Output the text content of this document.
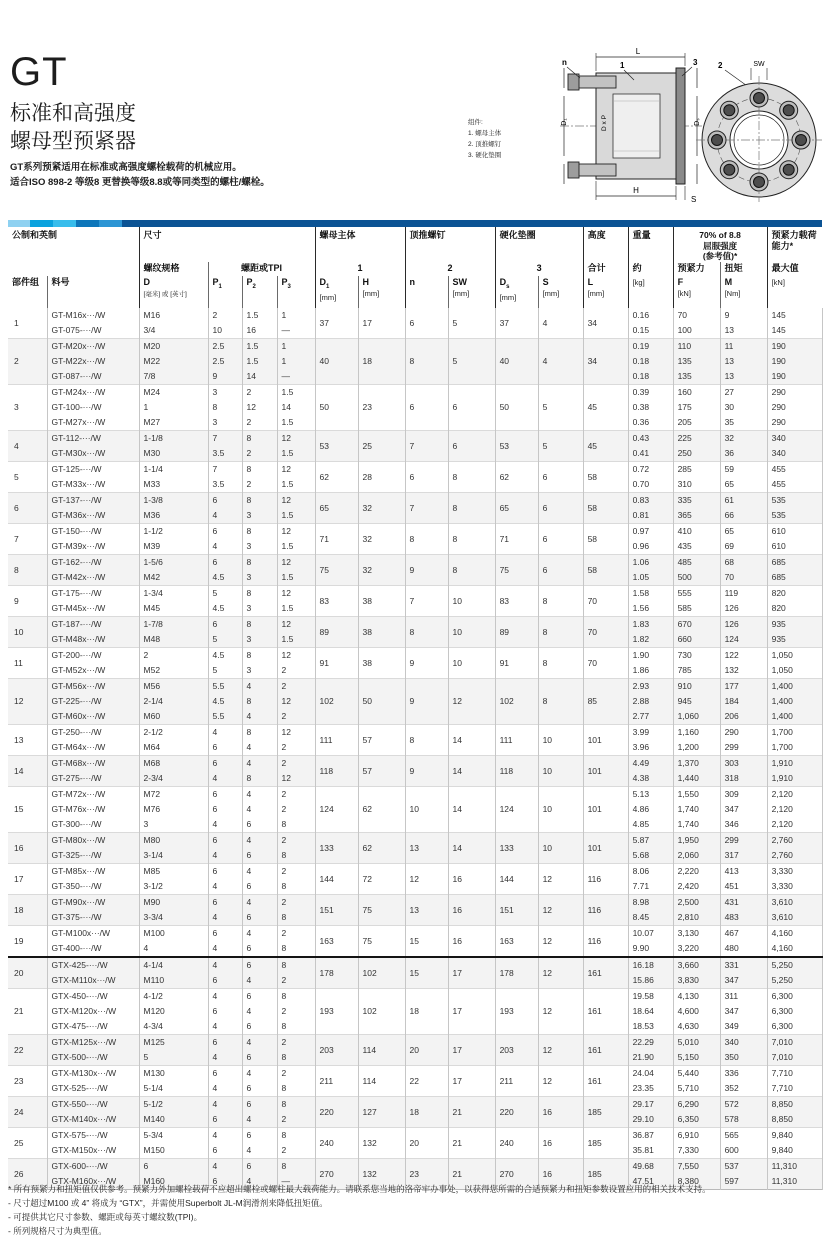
GT
标准和高强度
螺母型预紧器
GT系列预紧适用在标准或高强度螺栓载荷的机械应用。
适合ISO 898-2 等级8 更替换等级8.8或等同类型的螺柱/螺栓。
组件:
1. 螺母主体
2. 顶推螺钉
3. 硬化垫圈
L
n	1	3
D₁	D x P	Dₛ
H
S
2	SW
公制和英制		尺寸				螺母主体		顶推螺钉		硬化垫圈		高度	重量	70% of 8.8
屈服强度
(参考值)*		预紧力载荷能力*
		螺纹规格	螺距或TPI			1		2		3		合计	约	预紧力	扭矩	最大值
部件组	料号	D
[毫米] 或 [英寸]	$P_1$	$P_2$	$P_3$	$D_1$
[mm]	H
[mm]	n	SW
[mm]	$D_s$
[mm]	S
[mm]	L
[mm]	[kg]	F
[kN]	M
[Nm]	[kN]
1	GT-M16x···/W	M16	2	1.5	1	37	17	6	5	37	4	34	0.16	70	9	145
	GT-075-···/W	3/4	10	16	—								0.15	100	13	145
2	GT-M20x···/W	M20	2.5	1.5	1	40	18	8	5	40	4	34	0.19	110	11	190
	GT-M22x···/W	M22	2.5	1.5	1								0.18	135	13	190
	GT-087-···/W	7/8	9	14	—								0.18	135	13	190
3	GT-M24x···/W	M24	3	2	1.5	50	23	6	6	50	5	45	0.39	160	27	290
	GT-100-···/W	1	8	12	14								0.38	175	30	290
	GT-M27x···/W	M27	3	2	1.5								0.36	205	35	290
4	GT-112-···/W	1-1/8	7	8	12	53	25	7	6	53	5	45	0.43	225	32	340
	GT-M30x···/W	M30	3.5	2	1.5								0.41	250	36	340
5	GT-125-···/W	1-1/4	7	8	12	62	28	6	8	62	6	58	0.72	285	59	455
	GT-M33x···/W	M33	3.5	2	1.5								0.70	310	65	455
6	GT-137-···/W	1-3/8	6	8	12	65	32	7	8	65	6	58	0.83	335	61	535
	GT-M36x···/W	M36	4	3	1.5								0.81	365	66	535
7	GT-150-···/W	1-1/2	6	8	12	71	32	8	8	71	6	58	0.97	410	65	610
	GT-M39x···/W	M39	4	3	1.5								0.96	435	69	610
8	GT-162-···/W	1-5/6	6	8	12	75	32	9	8	75	6	58	1.06	485	68	685
	GT-M42x···/W	M42	4.5	3	1.5								1.05	500	70	685
9	GT-175-···/W	1-3/4	5	8	12	83	38	7	10	83	8	70	1.58	555	119	820
	GT-M45x···/W	M45	4.5	3	1.5								1.56	585	126	820
10	GT-187-···/W	1-7/8	6	8	12	89	38	8	10	89	8	70	1.83	670	126	935
	GT-M48x···/W	M48	5	3	1.5								1.82	660	124	935
11	GT-200-···/W	2	4.5	8	12	91	38	9	10	91	8	70	1.90	730	122	1,050
	GT-M52x···/W	M52	5	3	2								1.86	785	132	1,050
12	GT-M56x···/W	M56	5.5	4	2	102	50	9	12	102	8	85	2.93	910	177	1,400
	GT-225-···/W	2-1/4	4.5	8	12								2.88	945	184	1,400
	GT-M60x···/W	M60	5.5	4	2								2.77	1,060	206	1,400
13	GT-250-···/W	2-1/2	4	8	12	111	57	8	14	111	10	101	3.99	1,160	290	1,700
	GT-M64x···/W	M64	6	4	2								3.96	1,200	299	1,700
14	GT-M68x···/W	M68	6	4	2	118	57	9	14	118	10	101	4.49	1,370	303	1,910
	GT-275-···/W	2-3/4	4	8	12								4.38	1,440	318	1,910
15	GT-M72x···/W	M72	6	4	2	124	62	10	14	124	10	101	5.13	1,550	309	2,120
	GT-M76x···/W	M76	6	4	2								4.86	1,740	347	2,120
	GT-300-···/W	3	4	6	8								4.85	1,740	346	2,120
16	GT-M80x···/W	M80	6	4	2	133	62	13	14	133	10	101	5.87	1,950	299	2,760
	GT-325-···/W	3-1/4	4	6	8								5.68	2,060	317	2,760
17	GT-M85x···/W	M85	6	4	2	144	72	12	16	144	12	116	8.06	2,220	413	3,330
	GT-350-···/W	3-1/2	4	6	8								7.71	2,420	451	3,330
18	GT-M90x···/W	M90	6	4	2	151	75	13	16	151	12	116	8.98	2,500	431	3,610
	GT-375-···/W	3-3/4	4	6	8								8.45	2,810	483	3,610
19	GT-M100x···/W	M100	6	4	2	163	75	15	16	163	12	116	10.07	3,130	467	4,160
	GT-400-···/W	4	4	6	8								9.90	3,220	480	4,160
20	GTX-425-···/W	4-1/4	4	6	8	178	102	15	17	178	12	161	16.18	3,660	331	5,250
	GTX-M110x···/W	M110	6	4	2								15.86	3,830	347	5,250
21	GTX-450-···/W	4-1/2	4	6	8	193	102	18	17	193	12	161	19.58	4,130	311	6,300
	GTX-M120x···/W	M120	6	4	2								18.64	4,600	347	6,300
	GTX-475-···/W	4-3/4	4	6	8								18.53	4,630	349	6,300
22	GTX-M125x···/W	M125	6	4	2	203	114	20	17	203	12	161	22.29	5,010	340	7,010
	GTX-500-···/W	5	4	6	8								21.90	5,150	350	7,010
23	GTX-M130x···/W	M130	6	4	2	211	114	22	17	211	12	161	24.04	5,440	336	7,710
	GTX-525-···/W	5-1/4	4	6	8								23.35	5,710	352	7,710
24	GTX-550-···/W	5-1/2	4	6	8	220	127	18	21	220	16	185	29.17	6,290	572	8,850
	GTX-M140x···/W	M140	6	4	2								29.10	6,350	578	8,850
25	GTX-575-···/W	5-3/4	4	6	8	240	132	20	21	240	16	185	36.87	6,910	565	9,840
	GTX-M150x···/W	M150	6	4	2								35.81	7,330	600	9,840
26	GTX-600-···/W	6	4	6	8	270	132	23	21	270	16	185	49.68	7,550	537	11,310
	GTX-M160x···/W	M160	6	4	—								47.51	8,380	597	11,310
* 所有预紧力和扭矩值仅供参考。预紧力外加螺栓载荷不应超出螺栓或螺柱最大载荷能力。请联系您当地的洛帝牢办事处，以获得您所需的合适预紧力和扭矩参数设置应用的相关技术支持。
- 尺寸超过M100 或 4” 将成为 “GTX”，并需使用Superbolt JL-M润滑剂来降低扭矩值。
- 可提供其它尺寸参数、螺距或每英寸螺纹数(TPI)。
- 所列规格尺寸为典型值。
